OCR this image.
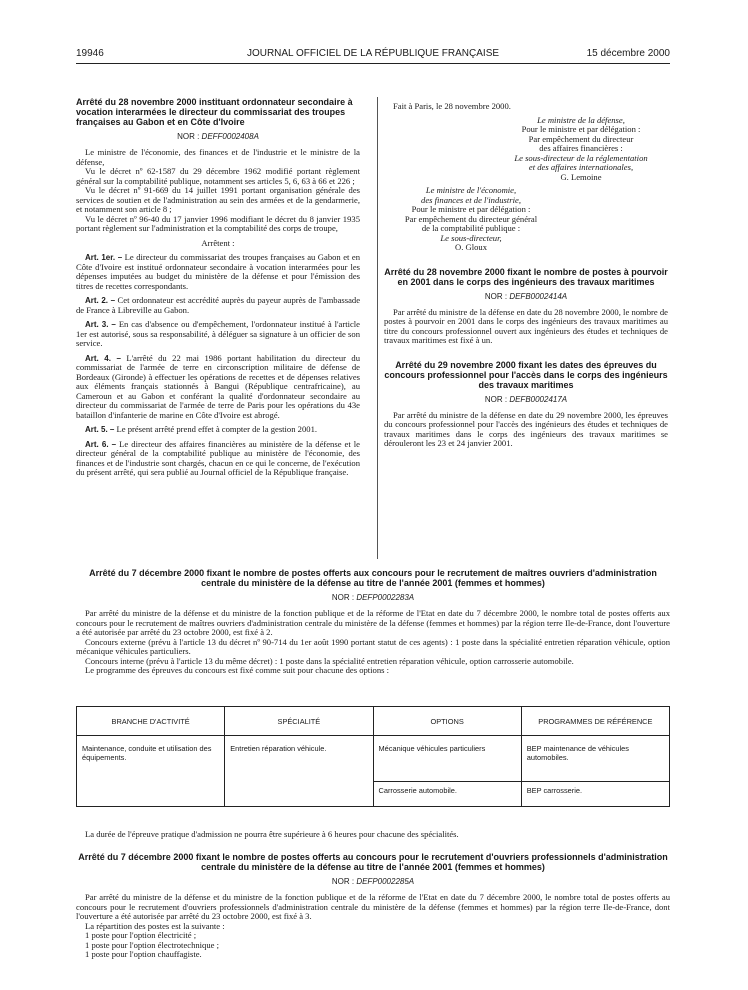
19946	JOURNAL OFFICIEL DE LA RÉPUBLIQUE FRANÇAISE	15 décembre 2000
Arrêté du 28 novembre 2000 instituant ordonnateur secondaire à vocation interarmées le directeur du commissariat des troupes françaises au Gabon et en Côte d'Ivoire
NOR : DEFF0002408A

Le ministre de l'économie, des finances et de l'industrie et le ministre de la défense,

Vu le décret nº 62-1587 du 29 décembre 1962 modifié portant règlement général sur la comptabilité publique, notamment ses articles 5, 6, 63 à 66 et 226 ;

Vu le décret nº 91-669 du 14 juillet 1991 portant organisation générale des services de soutien et de l'administration au sein des armées et de la gendarmerie, et notamment son article 8 ;

Vu le décret nº 96-40 du 17 janvier 1996 modifiant le décret du 8 janvier 1935 portant règlement sur l'administration et la comptabilité des corps de troupe,

Arrêtent :

Art. 1er. – Le directeur du commissariat des troupes françaises au Gabon et en Côte d'Ivoire est institué ordonnateur secondaire à vocation interarmées pour les dépenses imputées au budget du ministère de la défense et pour l'émission des titres de recettes correspondants.

Art. 2. – Cet ordonnateur est accrédité auprès du payeur auprès de l'ambassade de France à Libreville au Gabon.

Art. 3. – En cas d'absence ou d'empêchement, l'ordonnateur institué à l'article 1er est autorisé, sous sa responsabilité, à déléguer sa signature à un officier de son service.

Art. 4. – L'arrêté du 22 mai 1986 portant habilitation du directeur du commissariat de l'armée de terre en circonscription militaire de défense de Bordeaux (Gironde) à effectuer les opérations de recettes et de dépenses relatives aux éléments français stationnés à Bangui (République centrafricaine), au Cameroun et au Gabon et conférant la qualité d'ordonnateur secondaire au directeur du commissariat de l'armée de terre de Paris pour les opérations du 43e bataillon d'infanterie de marine en Côte d'Ivoire est abrogé.

Art. 5. – Le présent arrêté prend effet à compter de la gestion 2001.

Art. 6. – Le directeur des affaires financières au ministère de la défense et le directeur général de la comptabilité publique au ministère de l'économie, des finances et de l'industrie sont chargés, chacun en ce qui le concerne, de l'exécution du présent arrêté, qui sera publié au Journal officiel de la République française.

Fait à Paris, le 28 novembre 2000.

Le ministre de la défense,

Pour le ministre et par délégation :

Par empêchement du directeur

des affaires financières :

Le sous-directeur de la réglementation

et des affaires internationales,

G. Lemoine

Le ministre de l'économie,

des finances et de l'industrie,

Pour le ministre et par délégation :

Par empêchement du directeur général

de la comptabilité publique :

Le sous-directeur,

O. Gloux

Arrêté du 28 novembre 2000 fixant le nombre de postes à pourvoir en 2001 dans le corps des ingénieurs des travaux maritimes
NOR : DEFB0002414A

Par arrêté du ministre de la défense en date du 28 novembre 2000, le nombre de postes à pourvoir en 2001 dans le corps des ingénieurs des travaux maritimes au titre du concours professionnel ouvert aux ingénieurs des études et techniques de travaux maritimes est fixé à un.

Arrêté du 29 novembre 2000 fixant les dates des épreuves du concours professionnel pour l'accès dans le corps des ingénieurs des travaux maritimes
NOR : DEFB0002417A

Par arrêté du ministre de la défense en date du 29 novembre 2000, les épreuves du concours professionnel pour l'accès des ingénieurs des études et techniques de travaux maritimes dans le corps des ingénieurs des travaux maritimes se dérouleront les 23 et 24 janvier 2001.

Arrêté du 7 décembre 2000 fixant le nombre de postes offerts aux concours pour le recrutement de maîtres ouvriers d'administration centrale du ministère de la défense au titre de l'année 2001 (femmes et hommes)
NOR : DEFP0002283A

Par arrêté du ministre de la défense et du ministre de la fonction publique et de la réforme de l'Etat en date du 7 décembre 2000, le nombre total de postes offerts aux concours pour le recrutement de maîtres ouvriers d'administration centrale du ministère de la défense (femmes et hommes) par la région terre Ile-de-France, dont l'ouverture a été autorisée par arrêté du 23 octobre 2000, est fixé à 2.

Concours externe (prévu à l'article 13 du décret nº 90-714 du 1er août 1990 portant statut de ces agents) : 1 poste dans la spécialité entretien réparation véhicule, option mécanique véhicules particuliers.

Concours interne (prévu à l'article 13 du même décret) : 1 poste dans la spécialité entretien réparation véhicule, option carrosserie automobile.

Le programme des épreuves du concours est fixé comme suit pour chacune des options :

BRANCHE D'ACTIVITÉ	SPÉCIALITÉ	OPTIONS	PROGRAMMES DE RÉFÉRENCE
Maintenance, conduite et utilisation des équipements.	Entretien réparation véhicule.	Mécanique véhicules particuliers	BEP maintenance de véhicules automobiles.
		Carrosserie automobile.	BEP carrosserie.

La durée de l'épreuve pratique d'admission ne pourra être supérieure à 6 heures pour chacune des spécialités.

Arrêté du 7 décembre 2000 fixant le nombre de postes offerts au concours pour le recrutement d'ouvriers professionnels d'administration centrale du ministère de la défense au titre de l'année 2001 (femmes et hommes)
NOR : DEFP0002285A

Par arrêté du ministre de la défense et du ministre de la fonction publique et de la réforme de l'Etat en date du 7 décembre 2000, le nombre total de postes offerts au concours pour le recrutement d'ouvriers professionnels d'administration centrale du ministère de la défense (femmes et hommes) par la région terre Ile-de-France, dont l'ouverture a été autorisée par arrêté du 23 octobre 2000, est fixé à 3.

La répartition des postes est la suivante :

1 poste pour l'option électricité ;

1 poste pour l'option électrotechnique ;

1 poste pour l'option chauffagiste.
